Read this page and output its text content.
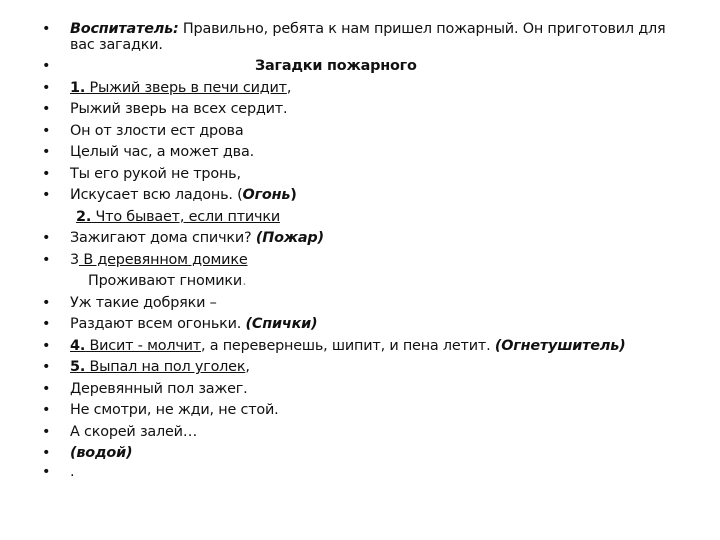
• Воспитатель: Правильно, ребята к нам пришел пожарный. Он приготовил для вас загадки.
•	Загадки пожарного
• 1. Рыжий зверь в печи сидит,
• Рыжий зверь на всех сердит.
• Он от злости ест дрова
• Целый час, а может два.
• Ты его рукой не тронь,
• Искусает всю ладонь. (Огонь)
2. Что бывает, если птички
• Зажигают дома спички? (Пожар)
• 3 В деревянном домике
Проживают гномики.
• Уж такие добряки –
• Раздают всем огоньки. (Спички)
• 4. Висит - молчит, а перевернешь, шипит, и пена летит. (Огнетушитель)
• 5. Выпал на пол уголек,
• Деревянный пол зажег.
• Не смотри, не жди, не стой.
• А скорей залей…
• (водой)
• .
